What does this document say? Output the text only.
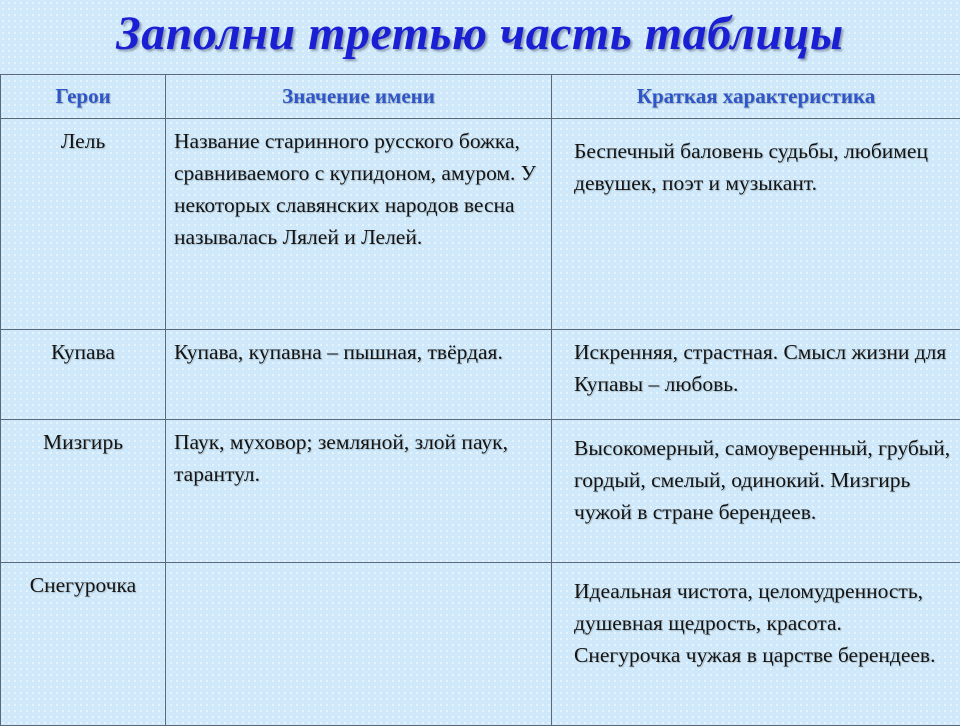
Заполни третью часть таблицы
Герои	Значение имени	Краткая характеристика
Лель	Название старинного русского божка, сравниваемого с купидоном, амуром. У некоторых славянских народов весна называлась Лялей и Лелей.	Беспечный баловень судьбы, любимец девушек, поэт и музыкант.
Купава	Купава, купавна – пышная, твёрдая.	Искренняя, страстная. Смысл жизни для Купавы – любовь.
Мизгирь	Паук, муховор; земляной, злой паук, тарантул.	Высокомерный, самоуверенный, грубый, гордый, смелый, одинокий. Мизгирь чужой в стране берендеев.
Снегурочка		Идеальная чистота, целомудренность, душевная щедрость, красота. Снегурочка чужая в царстве берендеев.
